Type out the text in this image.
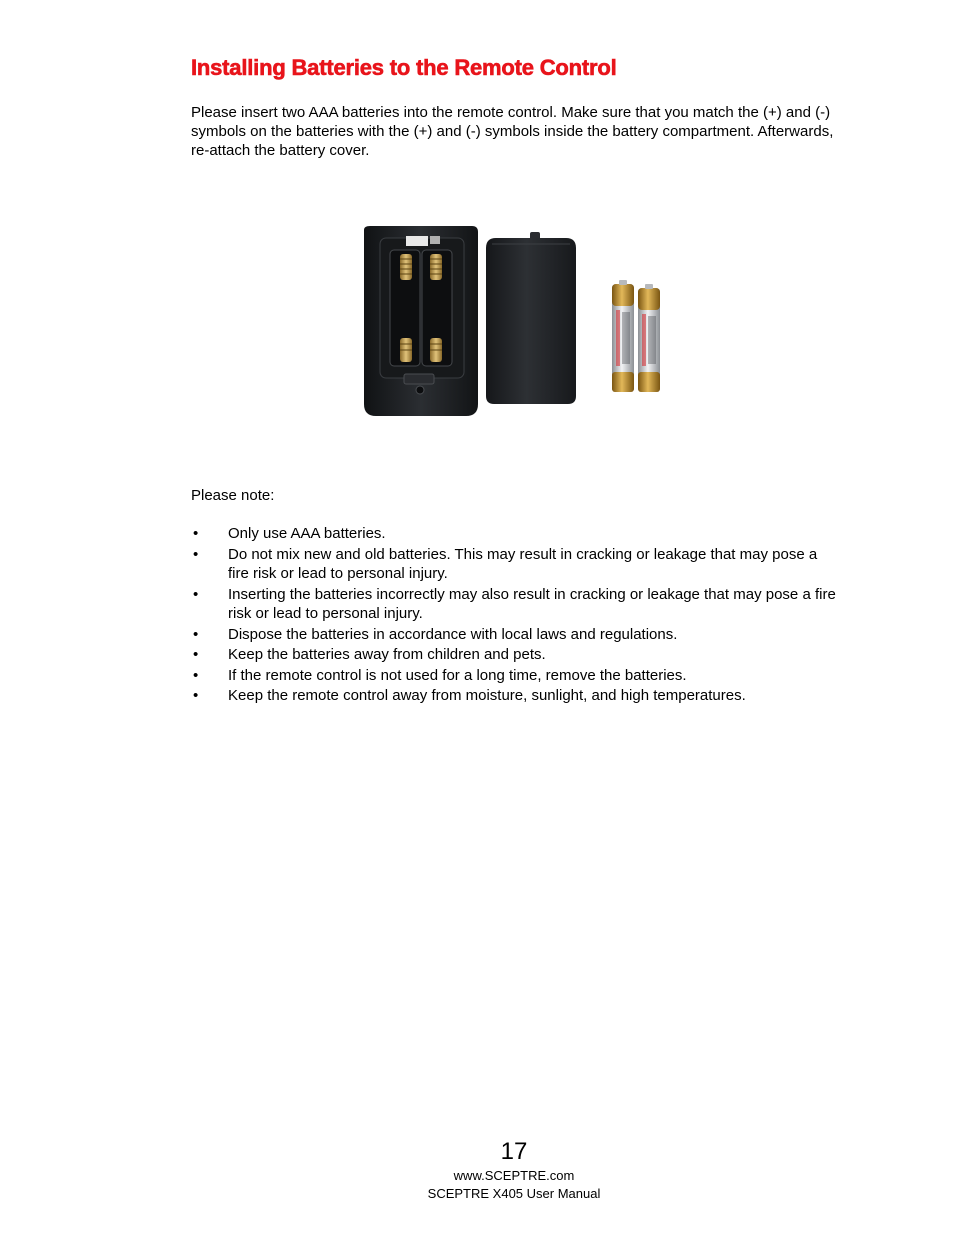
Installing Batteries to the Remote Control

Please insert two AAA batteries into the remote control. Make sure that you match the (+) and (-) symbols on the batteries with the (+) and (-) symbols inside the battery compartment. Afterwards, re-attach the battery cover.

Please note:

• Only use AAA batteries.
• Do not mix new and old batteries. This may result in cracking or leakage that may pose a fire risk or lead to personal injury.
• Inserting the batteries incorrectly may also result in cracking or leakage that may pose a fire risk or lead to personal injury.
• Dispose the batteries in accordance with local laws and regulations.
• Keep the batteries away from children and pets.
• If the remote control is not used for a long time, remove the batteries.
• Keep the remote control away from moisture, sunlight, and high temperatures.
17
www.SCEPTRE.com
SCEPTRE X405 User Manual
